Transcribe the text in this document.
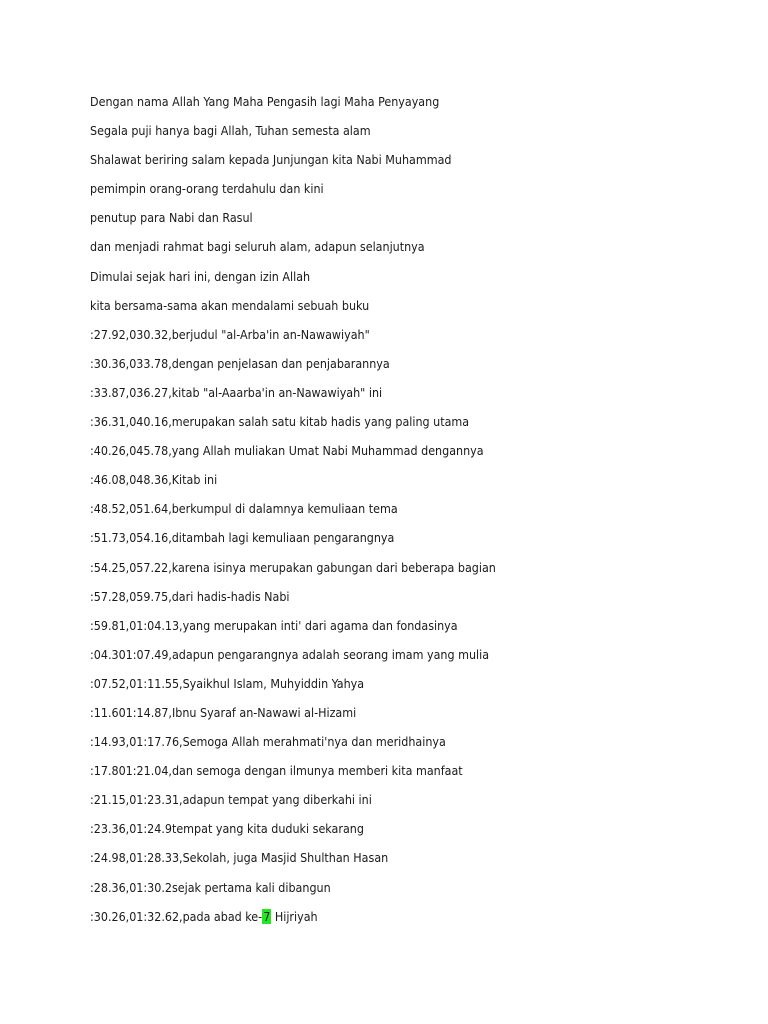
Dengan nama Allah Yang Maha Pengasih lagi Maha Penyayang
Segala puji hanya bagi Allah, Tuhan semesta alam
Shalawat beriring salam kepada Junjungan kita Nabi Muhammad
pemimpin orang-orang terdahulu dan kini
penutup para Nabi dan Rasul
dan menjadi rahmat bagi seluruh alam, adapun selanjutnya
Dimulai sejak hari ini, dengan izin Allah
kita bersama-sama akan mendalami sebuah buku
:27.92,030.32,berjudul "al-Arba'in an-Nawawiyah"
:30.36,033.78,dengan penjelasan dan penjabarannya
:33.87,036.27,kitab "al-Aaarba'in an-Nawawiyah" ini
:36.31,040.16,merupakan salah satu kitab hadis yang paling utama
:40.26,045.78,yang Allah muliakan Umat Nabi Muhammad dengannya
:46.08,048.36,Kitab ini
:48.52,051.64,berkumpul di dalamnya kemuliaan tema
:51.73,054.16,ditambah lagi kemuliaan pengarangnya
:54.25,057.22,karena isinya merupakan gabungan dari beberapa bagian
:57.28,059.75,dari hadis-hadis Nabi
:59.81,01:04.13,yang merupakan inti' dari agama dan fondasinya
:04.301:07.49,adapun pengarangnya adalah seorang imam yang mulia
:07.52,01:11.55,Syaikhul Islam, Muhyiddin Yahya
:11.601:14.87,Ibnu Syaraf an-Nawawi al-Hizami
:14.93,01:17.76,Semoga Allah merahmati'nya dan meridhainya
:17.801:21.04,dan semoga dengan ilmunya memberi kita manfaat
:21.15,01:23.31,adapun tempat yang diberkahi ini
:23.36,01:24.9tempat yang kita duduki sekarang
:24.98,01:28.33,Sekolah, juga Masjid Shulthan Hasan
:28.36,01:30.2sejak pertama kali dibangun
:30.26,01:32.62,pada abad ke-7 Hijriyah
